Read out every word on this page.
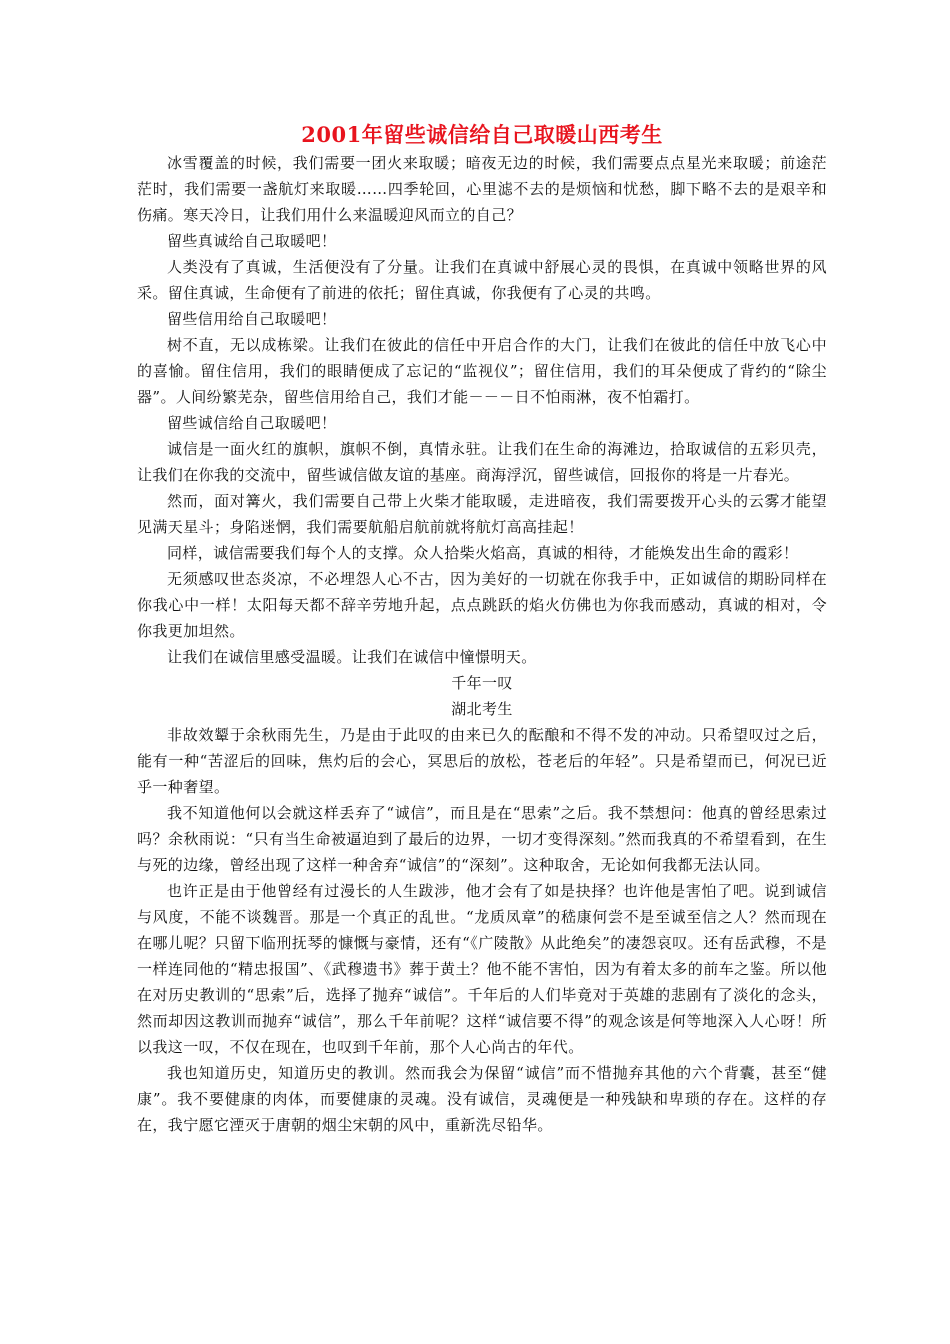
2001年留些诚信给自己取暖山西考生

冰雪覆盖的时候，我们需要一团火来取暖；暗夜无边的时候，我们需要点点星光来取暖；前途茫茫时，我们需要一盏航灯来取暖……四季轮回，心里滤不去的是烦恼和忧愁，脚下略不去的是艰辛和伤痛。寒天冷日，让我们用什么来温暖迎风而立的自己？

留些真诚给自己取暖吧！

人类没有了真诚，生活便没有了分量。让我们在真诚中舒展心灵的畏惧，在真诚中领略世界的风采。留住真诚，生命便有了前进的依托；留住真诚，你我便有了心灵的共鸣。

留些信用给自己取暖吧！

树不直，无以成栋梁。让我们在彼此的信任中开启合作的大门，让我们在彼此的信任中放飞心中的喜愉。留住信用，我们的眼睛便成了忘记的“监视仪”；留住信用，我们的耳朵便成了背约的“除尘器”。人间纷繁芜杂，留些信用给自己，我们才能－－－日不怕雨淋，夜不怕霜打。

留些诚信给自己取暖吧！

诚信是一面火红的旗帜，旗帜不倒，真情永驻。让我们在生命的海滩边，拾取诚信的五彩贝壳，让我们在你我的交流中，留些诚信做友谊的基座。商海浮沉，留些诚信，回报你的将是一片春光。

然而，面对篝火，我们需要自己带上火柴才能取暖，走进暗夜，我们需要拨开心头的云雾才能望见满天星斗；身陷迷惘，我们需要航船启航前就将航灯高高挂起！

同样，诚信需要我们每个人的支撑。众人拾柴火焰高，真诚的相待，才能焕发出生命的霞彩！

无须感叹世态炎凉，不必埋怨人心不古，因为美好的一切就在你我手中，正如诚信的期盼同样在你我心中一样！太阳每天都不辞辛劳地升起，点点跳跃的焰火仿佛也为你我而感动，真诚的相对，令你我更加坦然。

让我们在诚信里感受温暖。让我们在诚信中憧憬明天。

千年一叹

湖北考生

非故效颦于余秋雨先生，乃是由于此叹的由来已久的酝酿和不得不发的冲动。只希望叹过之后，能有一种“苦涩后的回味，焦灼后的会心，冥思后的放松，苍老后的年轻”。只是希望而已，何况已近乎一种奢望。

我不知道他何以会就这样丢弃了“诚信”，而且是在“思索”之后。我不禁想问：他真的曾经思索过吗？余秋雨说：“只有当生命被逼迫到了最后的边界，一切才变得深刻。”然而我真的不希望看到，在生与死的边缘，曾经出现了这样一种舍弃“诚信”的“深刻”。这种取舍，无论如何我都无法认同。

也许正是由于他曾经有过漫长的人生跋涉，他才会有了如是抉择？也许他是害怕了吧。说到诚信与风度，不能不谈魏晋。那是一个真正的乱世。“龙质凤章”的嵇康何尝不是至诚至信之人？然而现在在哪儿呢？只留下临刑抚琴的慷慨与豪情，还有“《广陵散》从此绝矣”的凄怨哀叹。还有岳武穆，不是一样连同他的“精忠报国”、《武穆遗书》葬于黄土？他不能不害怕，因为有着太多的前车之鉴。所以他在对历史教训的“思索”后，选择了抛弃“诚信”。千年后的人们毕竟对于英雄的悲剧有了淡化的念头，然而却因这教训而抛弃“诚信”，那么千年前呢？这样“诚信要不得”的观念该是何等地深入人心呀！所以我这一叹，不仅在现在，也叹到千年前，那个人心尚古的年代。

我也知道历史，知道历史的教训。然而我会为保留“诚信”而不惜抛弃其他的六个背囊，甚至“健康”。我不要健康的肉体，而要健康的灵魂。没有诚信，灵魂便是一种残缺和卑琐的存在。这样的存在，我宁愿它湮灭于唐朝的烟尘宋朝的风中，重新洗尽铅华。
